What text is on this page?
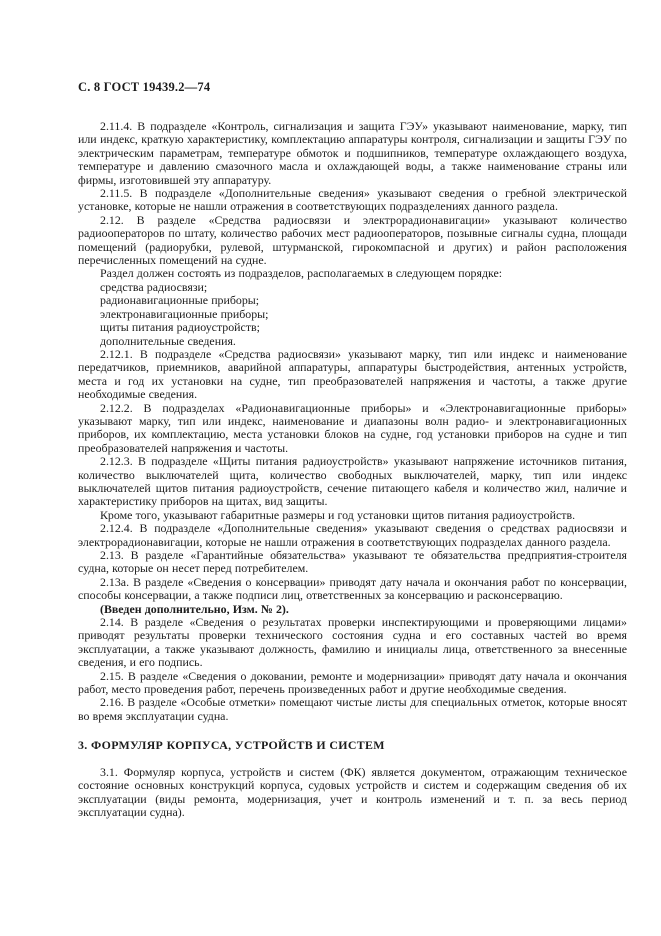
С. 8 ГОСТ 19439.2—74

2.11.4. В подразделе «Контроль, сигнализация и защита ГЭУ» указывают наименование, марку, тип или индекс, краткую характеристику, комплектацию аппаратуры контроля, сигнализации и защиты ГЭУ по электрическим параметрам, температуре обмоток и подшипников, температуре охлаждающего воздуха, температуре и давлению смазочного масла и охлаждающей воды, а также наименование страны или фирмы, изготовившей эту аппаратуру.

2.11.5. В подразделе «Дополнительные сведения» указывают сведения о гребной электрической установке, которые не нашли отражения в соответствующих подразделениях данного раздела.

2.12. В разделе «Средства радиосвязи и электрорадионавигации» указывают количество радиооператоров по штату, количество рабочих мест радиооператоров, позывные сигналы судна, площади помещений (радиорубки, рулевой, штурманской, гирокомпасной и других) и район расположения перечисленных помещений на судне.

Раздел должен состоять из подразделов, располагаемых в следующем порядке:

средства радиосвязи;

радионавигационные приборы;

электронавигационные приборы;

щиты питания радиоустройств;

дополнительные сведения.

2.12.1. В подразделе «Средства радиосвязи» указывают марку, тип или индекс и наименование передатчиков, приемников, аварийной аппаратуры, аппаратуры быстродействия, антенных устройств, места и год их установки на судне, тип преобразователей напряжения и частоты, а также другие необходимые сведения.

2.12.2. В подразделах «Радионавигационные приборы» и «Электронавигационные приборы» указывают марку, тип или индекс, наименование и диапазоны волн радио- и электронавигационных приборов, их комплектацию, места установки блоков на судне, год установки приборов на судне и тип преобразователей напряжения и частоты.

2.12.3. В подразделе «Щиты питания радиоустройств» указывают напряжение источников питания, количество выключателей щита, количество свободных выключателей, марку, тип или индекс выключателей щитов питания радиоустройств, сечение питающего кабеля и количество жил, наличие и характеристику приборов на щитах, вид защиты.

Кроме того, указывают габаритные размеры и год установки щитов питания радиоустройств.

2.12.4. В подразделе «Дополнительные сведения» указывают сведения о средствах радиосвязи и электрорадионавигации, которые не нашли отражения в соответствующих подразделах данного раздела.

2.13. В разделе «Гарантийные обязательства» указывают те обязательства предприятия-строителя судна, которые он несет перед потребителем.

2.13а. В разделе «Сведения о консервации» приводят дату начала и окончания работ по консервации, способы консервации, а также подписи лиц, ответственных за консервацию и расконсервацию.

(Введен дополнительно, Изм. № 2).

2.14. В разделе «Сведения о результатах проверки инспектирующими и проверяющими лицами» приводят результаты проверки технического состояния судна и его составных частей во время эксплуатации, а также указывают должность, фамилию и инициалы лица, ответственного за внесенные сведения, и его подпись.

2.15. В разделе «Сведения о доковании, ремонте и модернизации» приводят дату начала и окончания работ, место проведения работ, перечень произведенных работ и другие необходимые сведения.

2.16. В разделе «Особые отметки» помещают чистые листы для специальных отметок, которые вносят во время эксплуатации судна.

3. ФОРМУЛЯР КОРПУСА, УСТРОЙСТВ И СИСТЕМ

3.1. Формуляр корпуса, устройств и систем (ФК) является документом, отражающим техническое состояние основных конструкций корпуса, судовых устройств и систем и содержащим сведения об их эксплуатации (виды ремонта, модернизация, учет и контроль изменений и т. п. за весь период эксплуатации судна).
